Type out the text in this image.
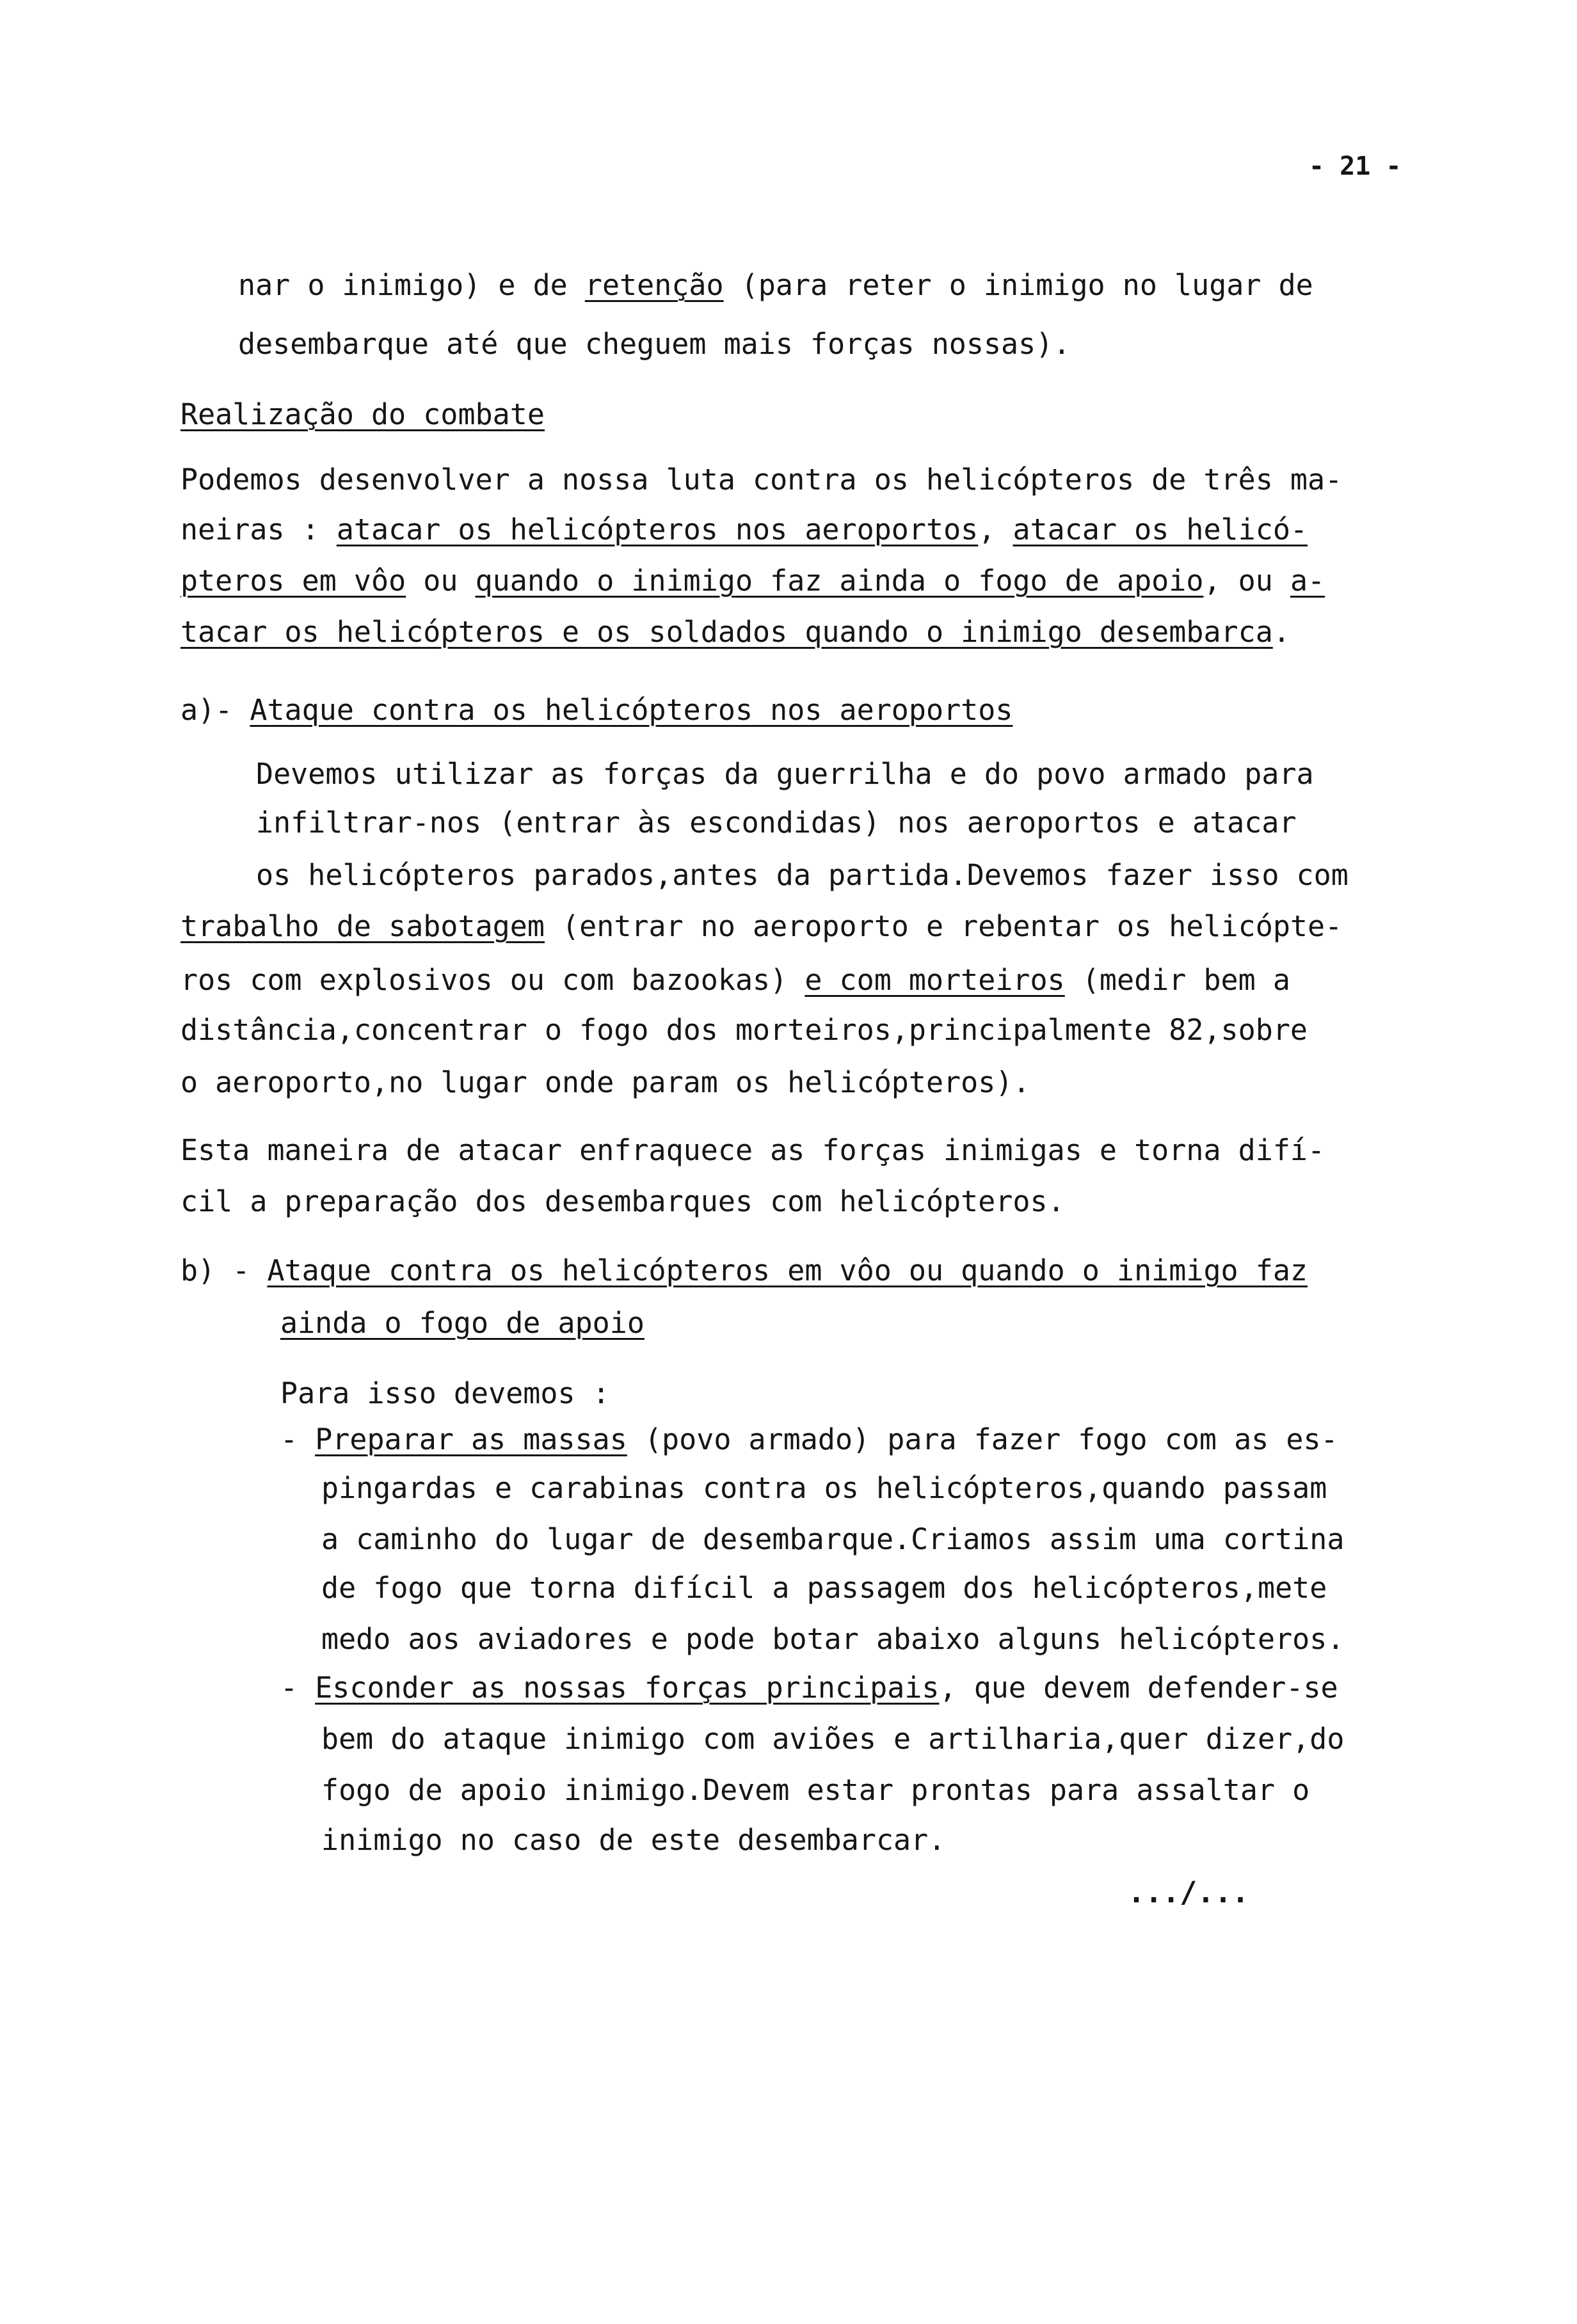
- 21 -
nar o inimigo) e de retenção (para reter o inimigo no lugar de
desembarque até que cheguem mais forças nossas).
Realização do combate
Podemos desenvolver a nossa luta contra os helicópteros de três ma-
neiras : atacar os helicópteros nos aeroportos, atacar os helicó-
pteros em vôo ou quando o inimigo faz ainda o fogo de apoio, ou a-
tacar os helicópteros e os soldados quando o inimigo desembarca.
a)- Ataque contra os helicópteros nos aeroportos
Devemos utilizar as forças da guerrilha e do povo armado para
infiltrar-nos (entrar às escondidas) nos aeroportos e atacar
os helicópteros parados,antes da partida.Devemos fazer isso com
trabalho de sabotagem (entrar no aeroporto e rebentar os helicópte-
ros com explosivos ou com bazookas) e com morteiros (medir bem a
distância,concentrar o fogo dos morteiros,principalmente 82,sobre
o aeroporto,no lugar onde param os helicópteros).
Esta maneira de atacar enfraquece as forças inimigas e torna difí-
cil a preparação dos desembarques com helicópteros.
b) - Ataque contra os helicópteros em vôo ou quando o inimigo faz
ainda o fogo de apoio
Para isso devemos :
- Preparar as massas (povo armado) para fazer fogo com as es-
pingardas e carabinas contra os helicópteros,quando passam
a caminho do lugar de desembarque.Criamos assim uma cortina
de fogo que torna difícil a passagem dos helicópteros,mete
medo aos aviadores e pode botar abaixo alguns helicópteros.
- Esconder as nossas forças principais, que devem defender-se
bem do ataque inimigo com aviões e artilharia,quer dizer,do
fogo de apoio inimigo.Devem estar prontas para assaltar o
inimigo no caso de este desembarcar.
.../...
